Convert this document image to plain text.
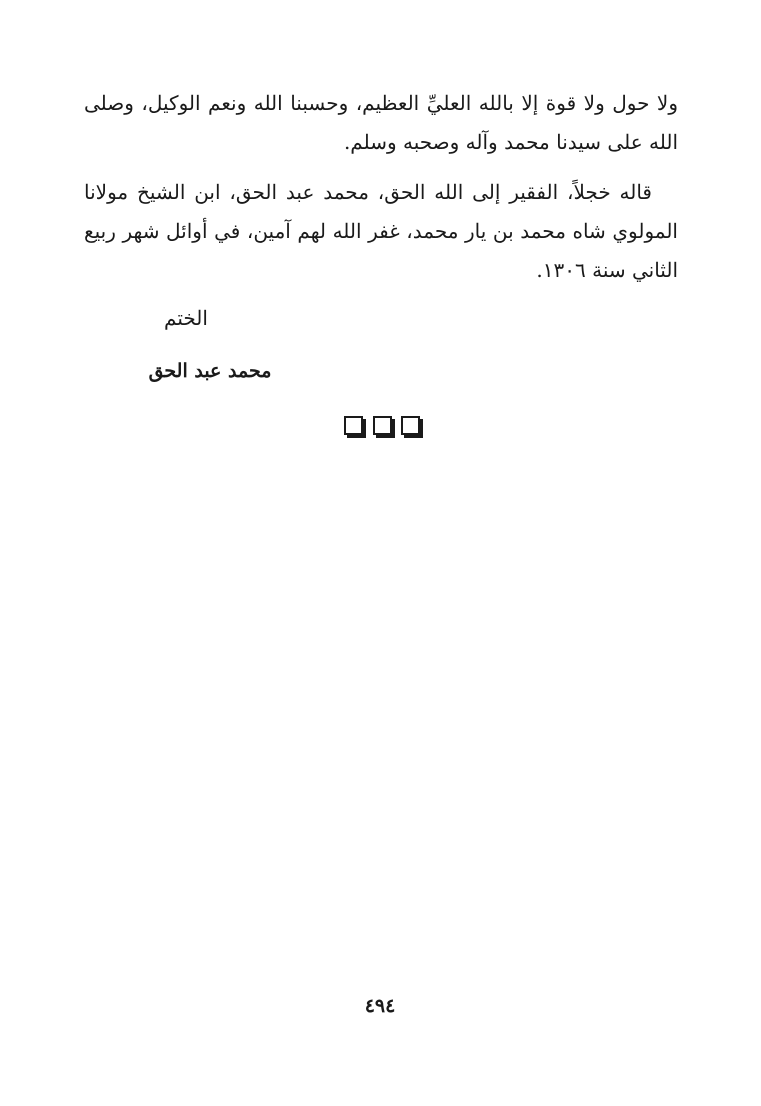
ولا حول ولا قوة إلا بالله العليِّ العظيم، وحسبنا الله ونعم الوكيل، وصلى الله على سيدنا محمد وآله وصحبه وسلم.

قاله خجلاً، الفقير إلى الله الحق، محمد عبد الحق، ابن الشيخ مولانا المولوي شاه محمد بن يار محمد، غفر الله لهم آمين، في أوائل شهر ربيع الثاني سنة ١٣٠٦.

الختم
محمد عبد الحق
٤٩٤
